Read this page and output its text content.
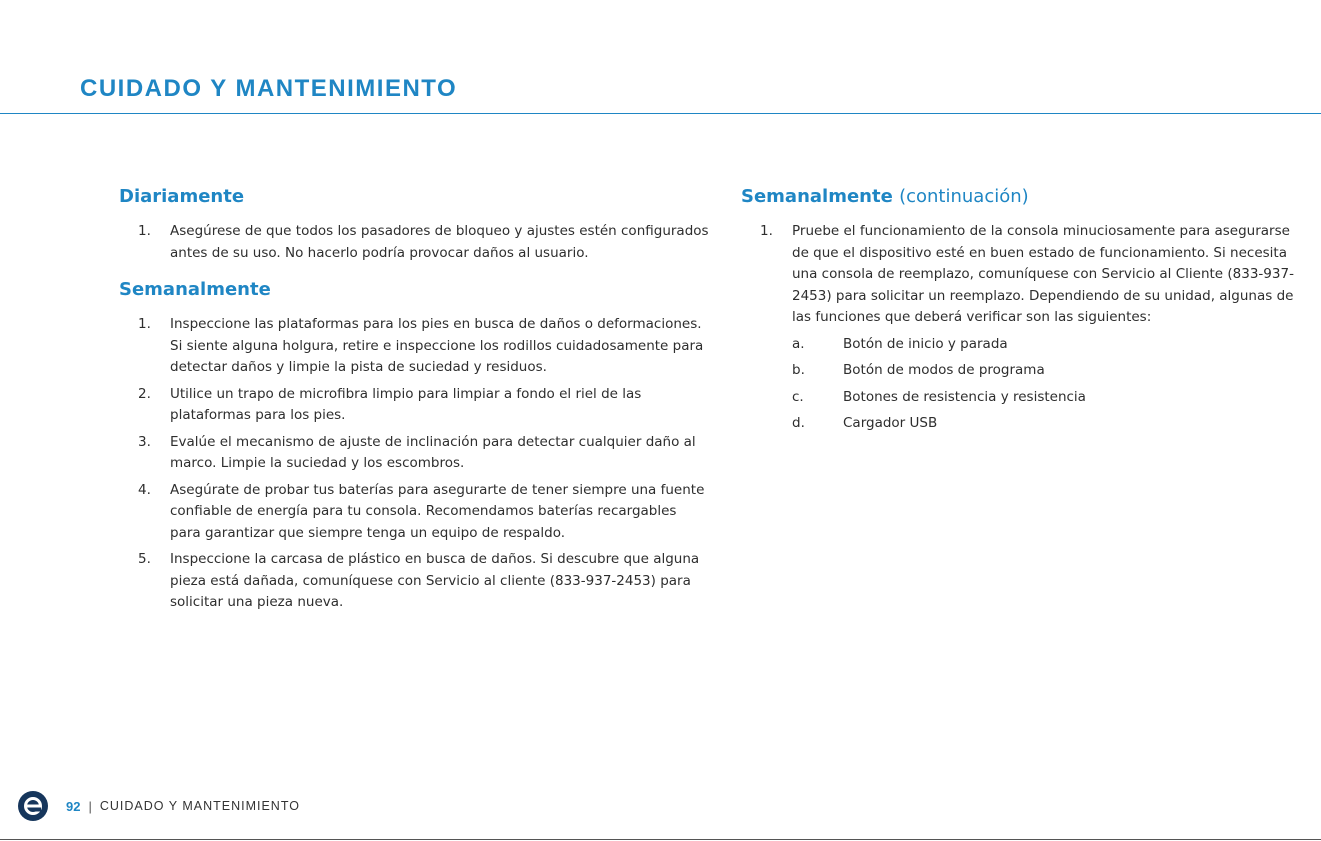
CUIDADO Y MANTENIMIENTO
Diariamente
1. Asegúrese de que todos los pasadores de bloqueo y ajustes estén configurados antes de su uso. No hacerlo podría provocar daños al usuario.
Semanalmente
1. Inspeccione las plataformas para los pies en busca de daños o deformaciones. Si siente alguna holgura, retire e inspeccione los rodillos cuidadosamente para detectar daños y limpie la pista de suciedad y residuos.
2. Utilice un trapo de microfibra limpio para limpiar a fondo el riel de las plataformas para los pies.
3. Evalúe el mecanismo de ajuste de inclinación para detectar cualquier daño al marco. Limpie la suciedad y los escombros.
4. Asegúrate de probar tus baterías para asegurarte de tener siempre una fuente confiable de energía para tu consola. Recomendamos baterías recargables para garantizar que siempre tenga un equipo de respaldo.
5. Inspeccione la carcasa de plástico en busca de daños. Si descubre que alguna pieza está dañada, comuníquese con Servicio al cliente (833-937-2453) para solicitar una pieza nueva.
Semanalmente (continuación)
1. Pruebe el funcionamiento de la consola minuciosamente para asegurarse de que el dispositivo esté en buen estado de funcionamiento. Si necesita una consola de reemplazo, comuníquese con Servicio al Cliente (833-937-2453) para solicitar un reemplazo. Dependiendo de su unidad, algunas de las funciones que deberá verificar son las siguientes:
a.	Botón de inicio y parada
b.	Botón de modos de programa
c.	Botones de resistencia y resistencia
d.	Cargador USB
92 | CUIDADO Y MANTENIMIENTO
